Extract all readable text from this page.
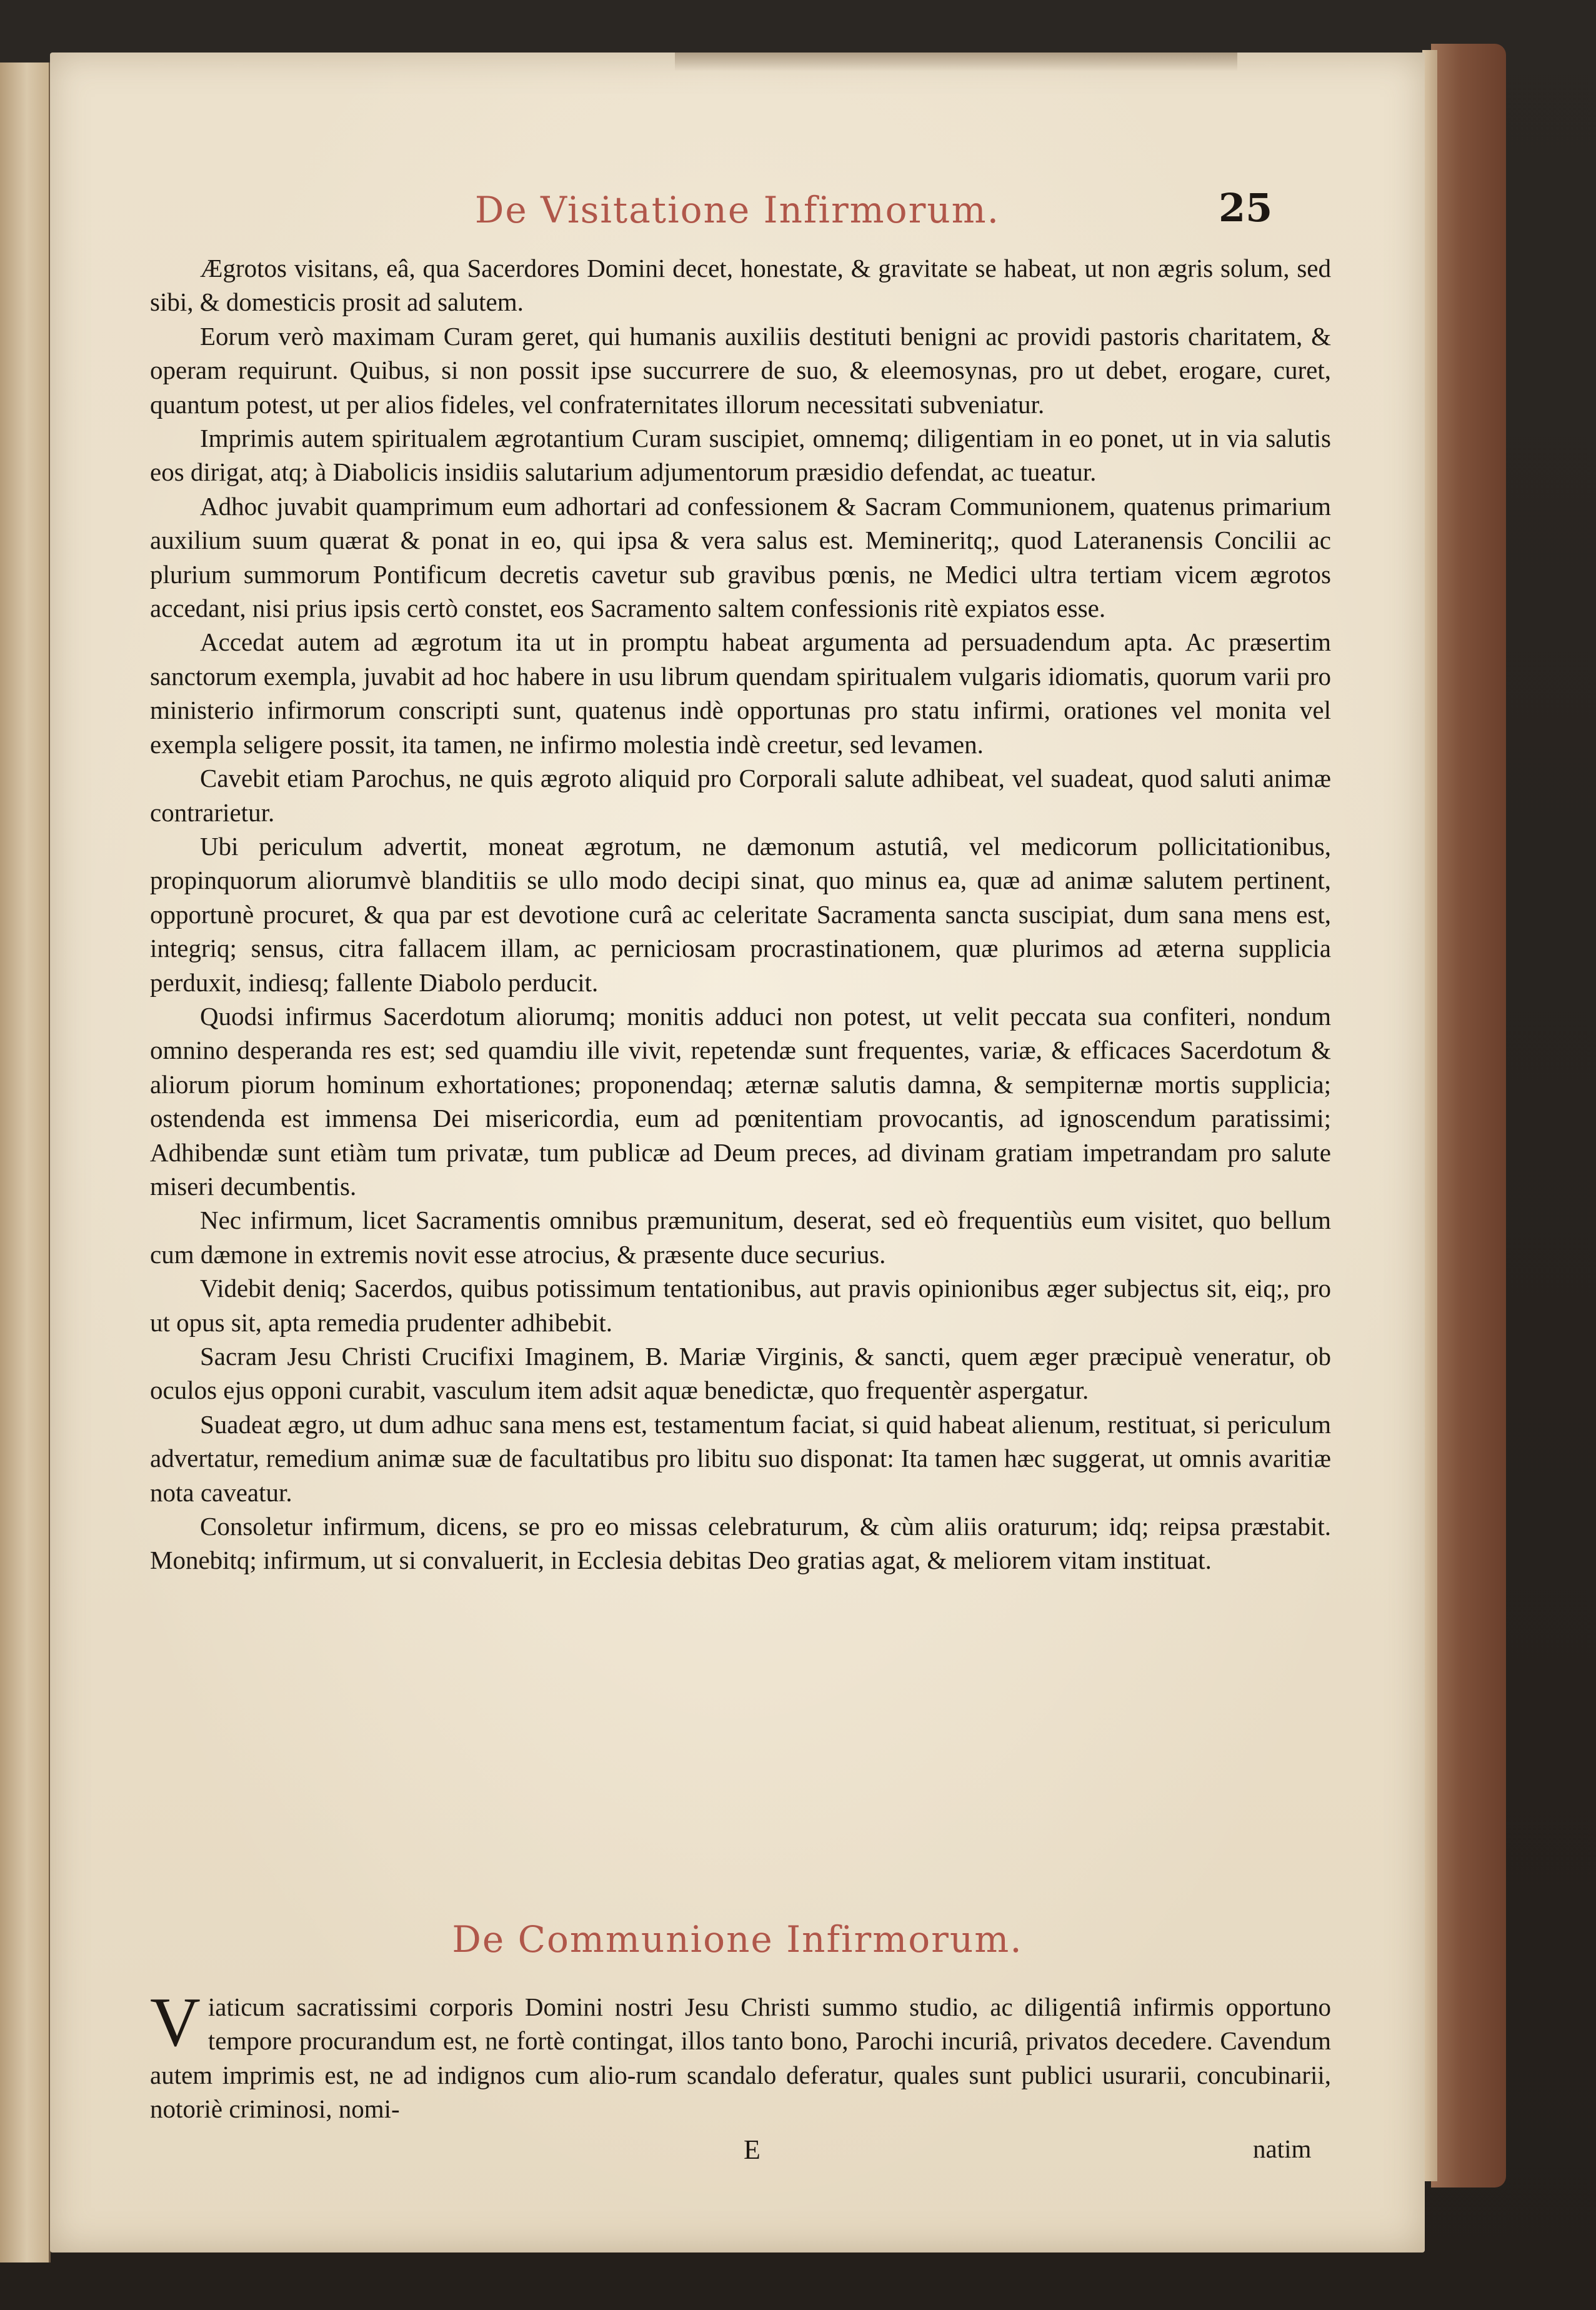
De Visitatione Infirmorum.	25

Ægrotos visitans, eâ, qua Sacerdores Domini decet, honestate, & gravitate se habeat, ut non ægris solum, sed sibi, & domesticis prosit ad salutem.

Eorum verò maximam Curam geret, qui humanis auxiliis destituti benigni ac providi pastoris charitatem, & operam requirunt. Quibus, si non possit ipse succurrere de suo, & eleemosynas, pro ut debet, erogare, curet, quantum potest, ut per alios fideles, vel confraternitates illorum necessitati subveniatur.

Imprimis autem spiritualem ægrotantium Curam suscipiet, omnemq; diligentiam in eo ponet, ut in via salutis eos dirigat, atq; à Diabolicis insidiis salutarium adjumentorum præsidio defendat, ac tueatur.

Adhoc juvabit quamprimum eum adhortari ad confessionem & Sacram Communionem, quatenus primarium auxilium suum quærat & ponat in eo, qui ipsa & vera salus est. Memineritq;, quod Lateranensis Concilii ac plurium summorum Pontificum decretis cavetur sub gravibus pœnis, ne Medici ultra tertiam vicem ægrotos accedant, nisi prius ipsis certò constet, eos Sacramento saltem confessionis ritè expiatos esse.

Accedat autem ad ægrotum ita ut in promptu habeat argumenta ad persuadendum apta. Ac præsertim sanctorum exempla, juvabit ad hoc habere in usu librum quendam spiritualem vulgaris idiomatis, quorum varii pro ministerio infirmorum conscripti sunt, quatenus indè opportunas pro statu infirmi, orationes vel monita vel exempla seligere possit, ita tamen, ne infirmo molestia indè creetur, sed levamen.

Cavebit etiam Parochus, ne quis ægroto aliquid pro Corporali salute adhibeat, vel suadeat, quod saluti animæ contrarietur.

Ubi periculum advertit, moneat ægrotum, ne dæmonum astutiâ, vel medicorum pollicitationibus, propinquorum aliorumvè blanditiis se ullo modo decipi sinat, quo minus ea, quæ ad animæ salutem pertinent, opportunè procuret, & qua par est devotione curâ ac celeritate Sacramenta sancta suscipiat, dum sana mens est, integriq; sensus, citra fallacem illam, ac perniciosam procrastinationem, quæ plurimos ad æterna supplicia perduxit, indiesq; fallente Diabolo perducit.

Quodsi infirmus Sacerdotum aliorumq; monitis adduci non potest, ut velit peccata sua confiteri, nondum omnino desperanda res est; sed quamdiu ille vivit, repetendæ sunt frequentes, variæ, & efficaces Sacerdotum & aliorum piorum hominum exhortationes; proponendaq; æternæ salutis damna, & sempiternæ mortis supplicia; ostendenda est immensa Dei misericordia, eum ad pœnitentiam provocantis, ad ignoscendum paratissimi; Adhibendæ sunt etiàm tum privatæ, tum publicæ ad Deum preces, ad divinam gratiam impetrandam pro salute miseri decumbentis.

Nec infirmum, licet Sacramentis omnibus præmunitum, deserat, sed eò frequentiùs eum visitet, quo bellum cum dæmone in extremis novit esse atrocius, & præsente duce securius.

Videbit deniq; Sacerdos, quibus potissimum tentationibus, aut pravis opinionibus æger subjectus sit, eiq;, pro ut opus sit, apta remedia prudenter adhibebit.

Sacram Jesu Christi Crucifixi Imaginem, B. Mariæ Virginis, & sancti, quem æger præcipuè veneratur, ob oculos ejus opponi curabit, vasculum item adsit aquæ benedictæ, quo frequentèr aspergatur.

Suadeat ægro, ut dum adhuc sana mens est, testamentum faciat, si quid habeat alienum, restituat, si periculum advertatur, remedium animæ suæ de facultatibus pro libitu suo disponat: Ita tamen hæc suggerat, ut omnis avaritiæ nota caveatur.

Consoletur infirmum, dicens, se pro eo missas celebraturum, & cùm aliis oraturum; idq; reipsa præstabit. Monebitq; infirmum, ut si convaluerit, in Ecclesia debitas Deo gratias agat, & meliorem vitam instituat.

De Communione Infirmorum.
V iaticum sacratissimi corporis Domini nostri Jesu Christi summo studio, ac diligentiâ infirmis opportuno tempore procurandum est, ne fortè contingat, illos tanto bono, Parochi incuriâ, privatos decedere. Cavendum autem imprimis est, ne ad indignos cum alio-rum scandalo deferatur, quales sunt publici usurarii, concubinarii, notoriè criminosi, nomi-
E	natim
